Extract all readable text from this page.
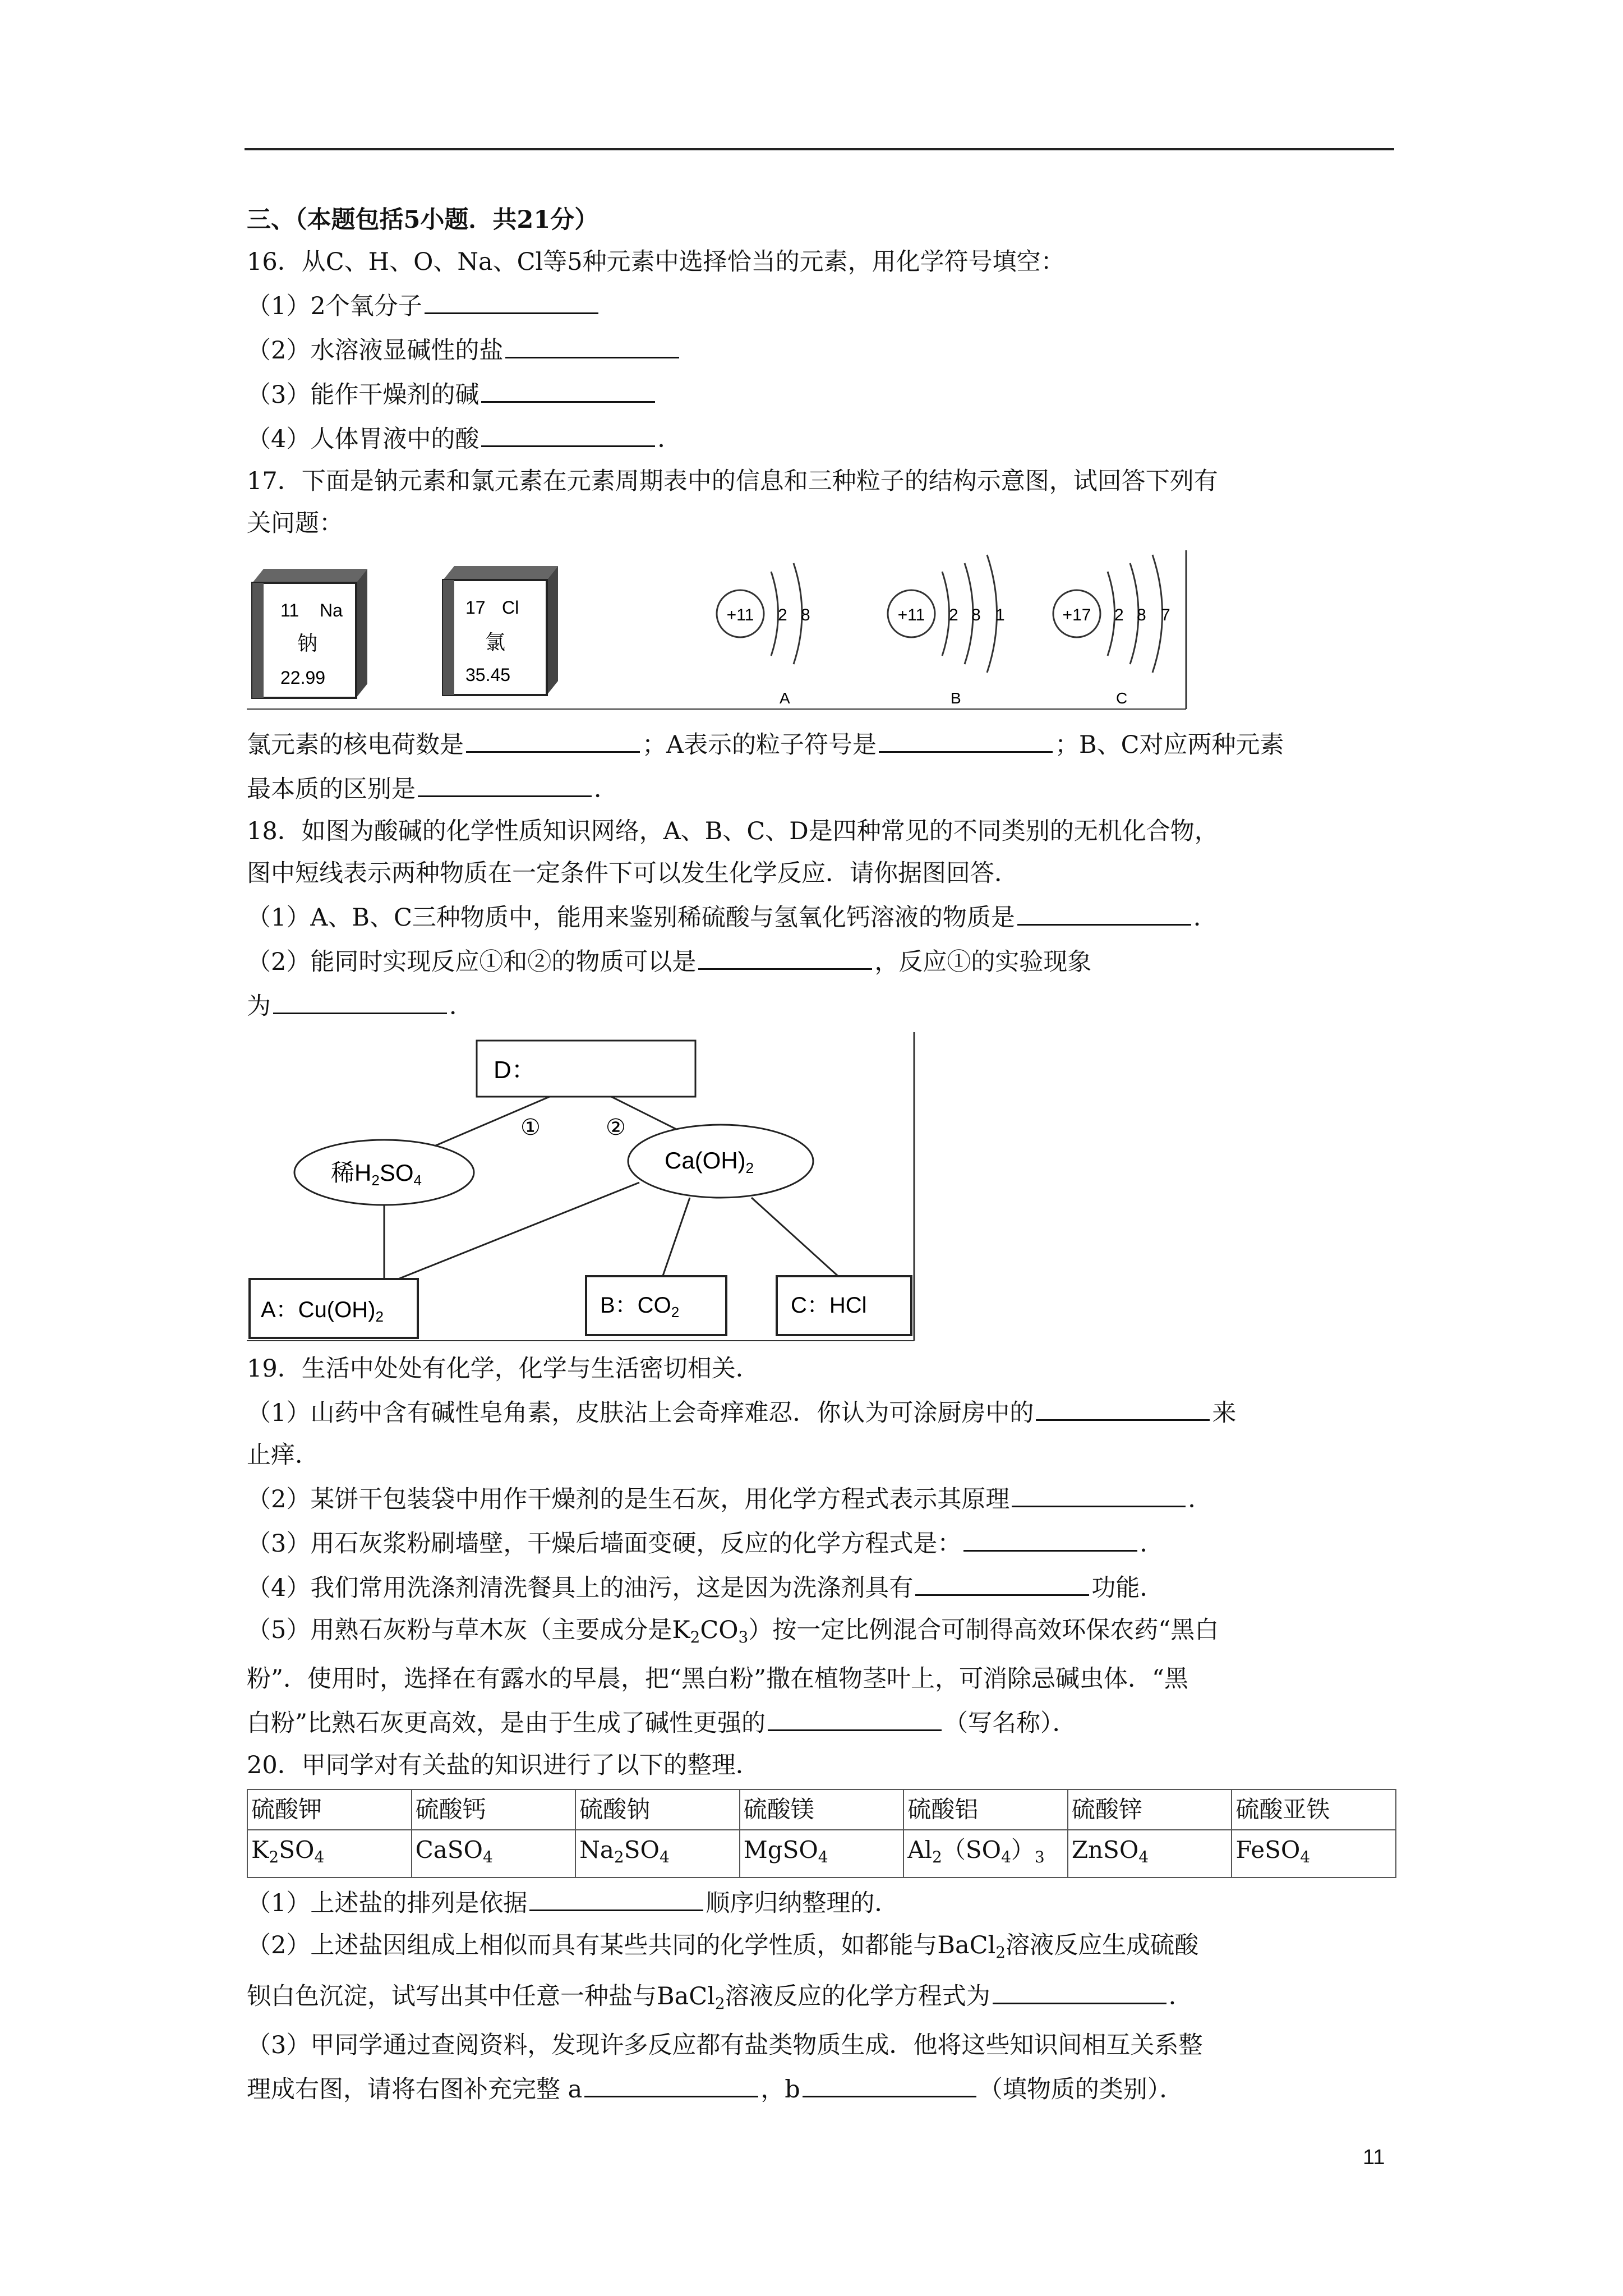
三、（本题包括5小题．共21分）
16．从C、H、O、Na、Cl等5种元素中选择恰当的元素，用化学符号填空：
（1）2个氧分子
（2）水溶液显碱性的盐
（3）能作干燥剂的碱
（4）人体胃液中的酸	．
17．下面是钠元素和氯元素在元素周期表中的信息和三种粒子的结构示意图，试回答下列有
关问题：
11 Na
钠
22.99
17 Cl
氯
35.45
+11 2 8
A
+11 2 8 1
B
+17 2 8 7
C
氯元素的核电荷数是	；A表示的粒子符号是	；B、C对应两种元素
最本质的区别是	．
18．如图为酸碱的化学性质知识网络，A、B、C、D是四种常见的不同类别的无机化合物，
图中短线表示两种物质在一定条件下可以发生化学反应．请你据图回答．
（1）A、B、C三种物质中，能用来鉴别稀硫酸与氢氧化钙溶液的物质是	．
（2）能同时实现反应①和②的物质可以是	，反应①的实验现象
为	．
D：
①	②
稀H2SO4
Ca(OH)2
A：$Cu(OH)_2$	B：$CO_2$	C：HCl
19．生活中处处有化学，化学与生活密切相关．
（1）山药中含有碱性皂角素，皮肤沾上会奇痒难忍．你认为可涂厨房中的	来
止痒．
（2）某饼干包装袋中用作干燥剂的是生石灰，用化学方程式表示其原理	．
（3）用石灰浆粉刷墙壁，干燥后墙面变硬，反应的化学方程式是：	．
（4）我们常用洗涤剂清洗餐具上的油污，这是因为洗涤剂具有	功能．
（5）用熟石灰粉与草木灰（主要成分是$K_2CO_3$）按一定比例混合可制得高效环保农药“黑白
粉”．使用时，选择在有露水的早晨，把“黑白粉”撒在植物茎叶上，可消除忌碱虫体．“黑
白粉”比熟石灰更高效，是由于生成了碱性更强的	（写名称）．
20．甲同学对有关盐的知识进行了以下的整理．
硫酸钾	硫酸钙	硫酸钠	硫酸镁	硫酸铝	硫酸锌	硫酸亚铁
$K_2SO_4$	CaSO$_4$	$Na_2SO_4$	MgSO$_4$	$Al_2(SO_4)_3$	ZnSO$_4$	FeSO$_4$
（1）上述盐的排列是依据	顺序归纳整理的．
（2）上述盐因组成上相似而具有某些共同的化学性质，如都能与BaCl$_2$溶液反应生成硫酸
钡白色沉淀，试写出其中任意一种盐与BaCl$_2$溶液反应的化学方程式为	．
（3）甲同学通过查阅资料，发现许多反应都有盐类物质生成．他将这些知识间相互关系整
理成右图，请将右图补充完整 a	，b	（填物质的类别）．
11
